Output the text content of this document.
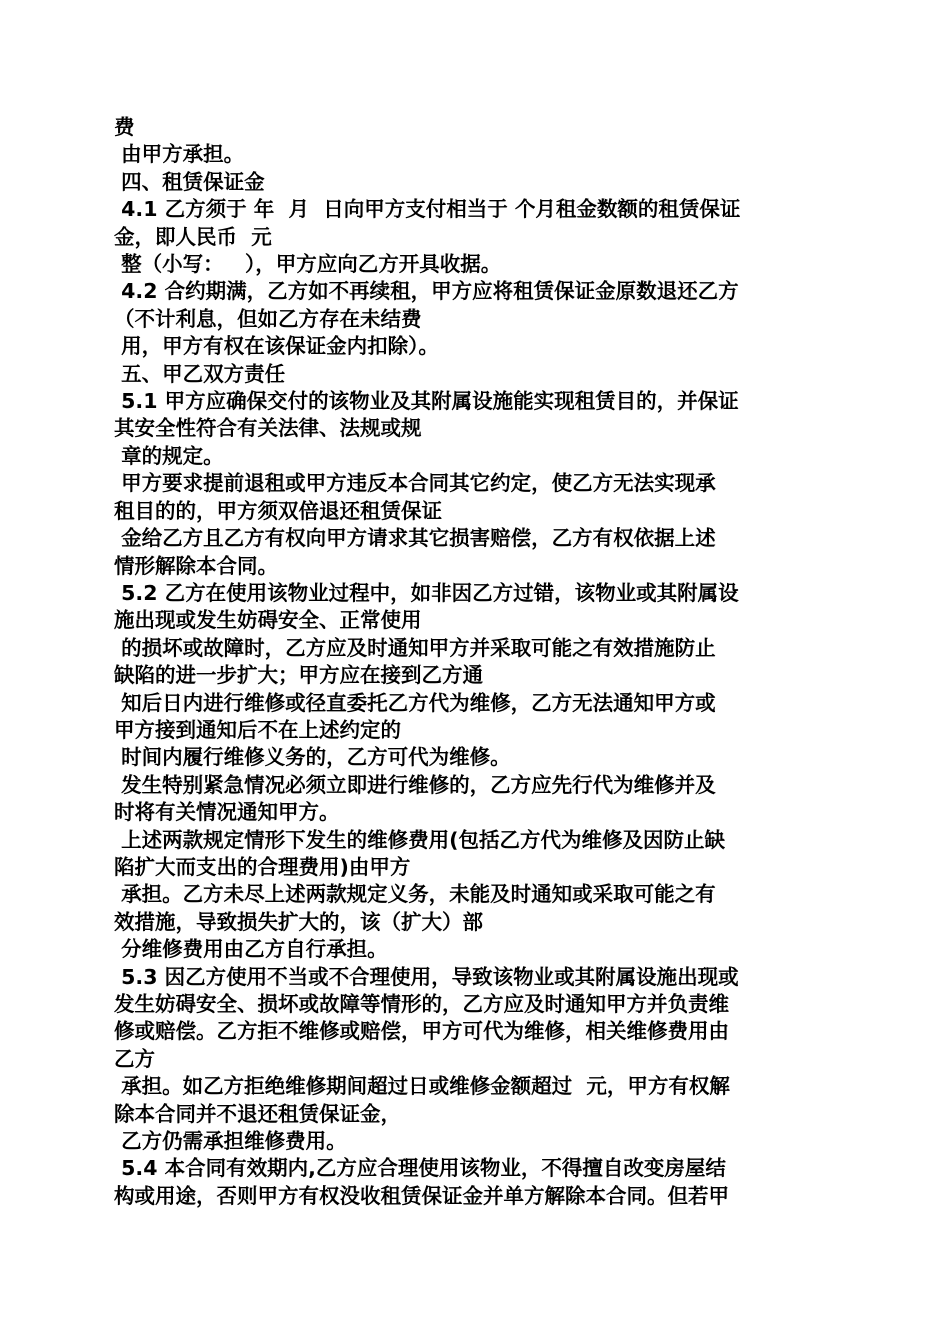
费
由甲方承担。
四、租赁保证金
4.1 乙方须于 年  月  日向甲方支付相当于 个月租金数额的租赁保证
金，即人民币  元
整（小写：   ），甲方应向乙方开具收据。
4.2 合约期满，乙方如不再续租，甲方应将租赁保证金原数退还乙方
（不计利息，但如乙方存在未结费
用，甲方有权在该保证金内扣除）。
五、甲乙双方责任
5.1 甲方应确保交付的该物业及其附属设施能实现租赁目的，并保证
其安全性符合有关法律、法规或规
章的规定。
甲方要求提前退租或甲方违反本合同其它约定，使乙方无法实现承
租目的的，甲方须双倍退还租赁保证
金给乙方且乙方有权向甲方请求其它损害赔偿，乙方有权依据上述
情形解除本合同。
5.2 乙方在使用该物业过程中，如非因乙方过错，该物业或其附属设
施出现或发生妨碍安全、正常使用
的损坏或故障时，乙方应及时通知甲方并采取可能之有效措施防止
缺陷的进一步扩大；甲方应在接到乙方通
知后日内进行维修或径直委托乙方代为维修，乙方无法通知甲方或
甲方接到通知后不在上述约定的
时间内履行维修义务的，乙方可代为维修。
发生特别紧急情况必须立即进行维修的，乙方应先行代为维修并及
时将有关情况通知甲方。
上述两款规定情形下发生的维修费用(包括乙方代为维修及因防止缺
陷扩大而支出的合理费用)由甲方
承担。乙方未尽上述两款规定义务，未能及时通知或采取可能之有
效措施，导致损失扩大的，该（扩大）部
分维修费用由乙方自行承担。
5.3 因乙方使用不当或不合理使用，导致该物业或其附属设施出现或
发生妨碍安全、损坏或故障等情形的，乙方应及时通知甲方并负责维
修或赔偿。乙方拒不维修或赔偿，甲方可代为维修，相关维修费用由
乙方
承担。如乙方拒绝维修期间超过日或维修金额超过  元，甲方有权解
除本合同并不退还租赁保证金，
乙方仍需承担维修费用。
5.4 本合同有效期内,乙方应合理使用该物业，不得擅自改变房屋结
构或用途，否则甲方有权没收租赁保证金并单方解除本合同。但若甲
